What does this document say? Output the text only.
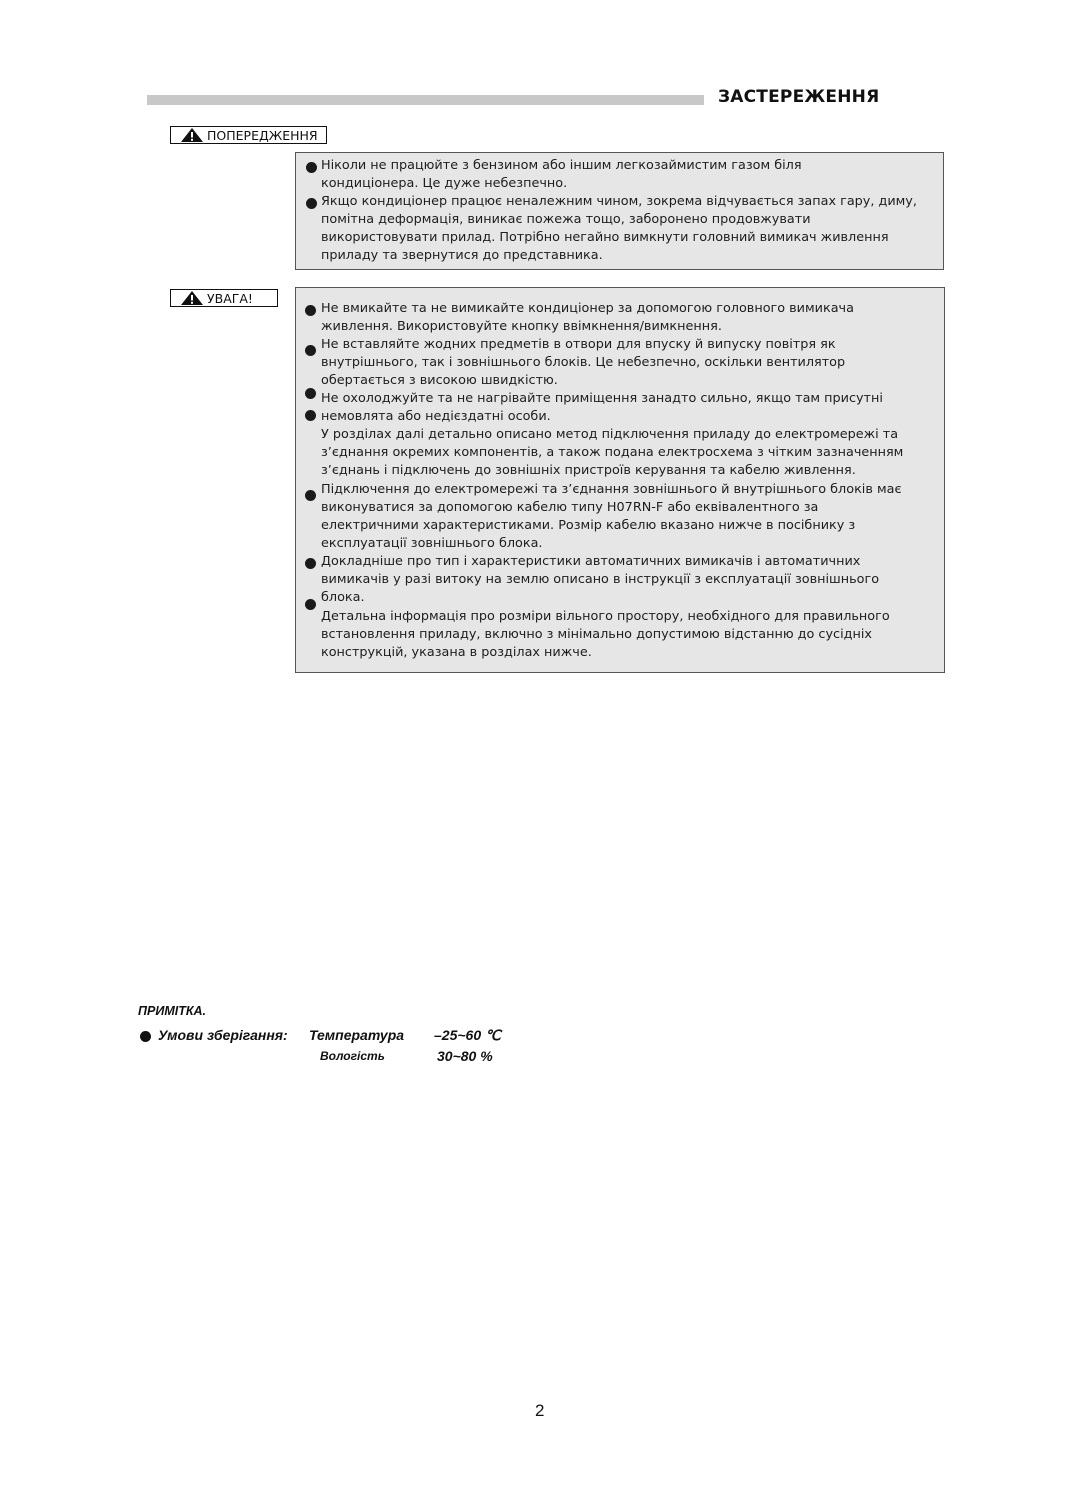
ЗАСТЕРЕЖЕННЯ
ПОПЕРЕДЖЕННЯ
Ніколи не працюйте з бензином або іншим легкозаймистим газом біля
кондиціонера. Це дуже небезпечно.
Якщо кондиціонер працює неналежним чином, зокрема відчувається запах гару, диму,
помітна деформація, виникає пожежа тощо, заборонено продовжувати
використовувати прилад. Потрібно негайно вимкнути головний вимикач живлення
приладу та звернутися до представника.
УВАГА!
Не вмикайте та не вимикайте кондиціонер за допомогою головного вимикача
живлення. Використовуйте кнопку ввімкнення/вимкнення.
Не вставляйте жодних предметів в отвори для впуску й випуску повітря як
внутрішнього, так і зовнішнього блоків. Це небезпечно, оскільки вентилятор
обертається з високою швидкістю.
Не охолоджуйте та не нагрівайте приміщення занадто сильно, якщо там присутні
немовлята або недієздатні особи.
У розділах далі детально описано метод підключення приладу до електромережі та
з’єднання окремих компонентів, а також подана електросхема з чітким зазначенням
з’єднань і підключень до зовнішніх пристроїв керування та кабелю живлення.
Підключення до електромережі та з’єднання зовнішнього й внутрішнього блоків має
виконуватися за допомогою кабелю типу H07RN-F або еквівалентного за
електричними характеристиками. Розмір кабелю вказано нижче в посібнику з
експлуатації зовнішнього блока.
Докладніше про тип і характеристики автоматичних вимикачів і автоматичних
вимикачів у разі витоку на землю описано в інструкції з експлуатації зовнішнього
блока.
Детальна інформація про розміри вільного простору, необхідного для правильного
встановлення приладу, включно з мінімально допустимою відстанню до сусідніх
конструкцій, указана в розділах нижче.
ПРИМІТКА.
Умови зберігання: Температура –25~60 ℃
Вологість	30~80 %
2
